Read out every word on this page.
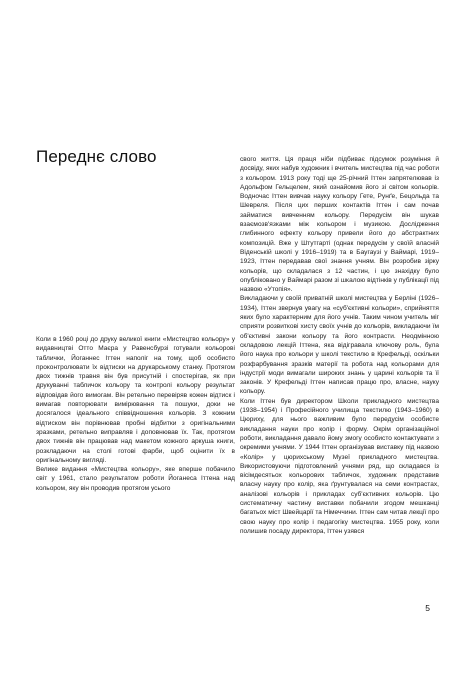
Переднє слово

Коли в 1960 році до друку великої книги «Мистецтво кольору» у видавництві Отто Маєра у Равенсбурзі готували кольорові таблички, Йоганнес Іттен наполіг на тому, щоб особисто проконтролювати їх відтиски на друкарському станку. Протягом двох тижнів травня він був присутній і спостерігав, як при друкуванні табличок кольору та контролі кольору результат відповідав його вимогам. Він ретельно перевіряв кожен відтиск і вимагав повторювати вимірювання та пошуки, доки не досягалося ідеального співвідношення кольорів. З кожним відтиском він порівнював пробні відбитки з оригінальними зразками, ретельно виправляв і доповнював їх. Так, протягом двох тижнів він працював над макетом кожного аркуша книги, розкладаючи на столі готові фарби, щоб оцінити їх в оригінальному вигляді.

Велике видання «Мистецтва кольору», яке вперше побачило світ у 1961, стало результатом роботи Йоганеса Іттена над кольором, яку він проводив протягом усього

свого життя. Ця праця ніби підбиває підсумок розуміння й досвіду, яких набув художник і вчитель мистецтва під час роботи з кольором. 1913 року тоді ще 25-річний Іттен запрятелював із Адольфом Гельцелем, який ознайомив його зі світом кольорів. Водночас Іттен вивчав науку кольору Гете, Рунґе, Бецольда та Шевреля. Після цих перших контактів Іттен і сам почав займатися вивченням кольору. Передусім він шукав взаємозв'язками між кольором і музикою. Дослідження глибинного ефекту кольору привели його до абстрактних композицій. Вже у Штутгарті (однак передусім у своїй власній Віденській школі у 1916–1919) та в Баугаузі у Ваймарі, 1919–1923, Іттен передавав свої знання учням. Він розробив зірку кольорів, що складалася з 12 частин, і цю знахідку було опубліковано у Ваймарі разом зі шкалою відтінків у публікації під назвою «Утопія».

Викладаючи у своїй приватній школі мистецтва у Берліні (1926–1934), Іттен звернув увагу на «суб'єктивні кольори», сприйняття яких було характерним для його учнів. Таким чином учитель міг сприяти розвиткові хисту своїх учнів до кольорів, викладаючи їм об'єктивні закони кольору та його контрасти. Неодмінною складовою лекцій Іттена, яка відігравала ключову роль, була його наука про кольори у школі текстилю в Крефельді, оскільки розфарбування зразків матерії та робота над кольорами для індустрії моди вимагали широких знань у царині кольорів та її законів. У Крефельді Іттен написав працю про, власне, науку кольору.

Коли Іттен був директором Школи прикладного мистецтва (1938–1954) і Професійного училища текстилю (1943–1960) в Цюриху, для нього важливим було передусім особисте викладання науки про колір і форму. Окрім організаційної роботи, викладання давало йому змогу особисто контактувати з окремими учнями. У 1944 Іттен організував виставку під назвою «Колір» у цюрихському Музеї прикладного мистецтва. Використовуючи підготовлений учнями ряд, що складався із вісімдесятьох кольорових табличок, художник представив власну науку про колір, яка ґрунтувалася на семи контрастах, аналізові кольорів і прикладах суб'єктивних кольорів. Цю систематичну частину виставки побачили згодом мешканці багатьох міст Швейцарії та Німеччини. Іттен сам читав лекції про свою науку про колір і педагогіку мистецтва. 1955 року, коли полишив посаду директора, Іттен узявся

5
